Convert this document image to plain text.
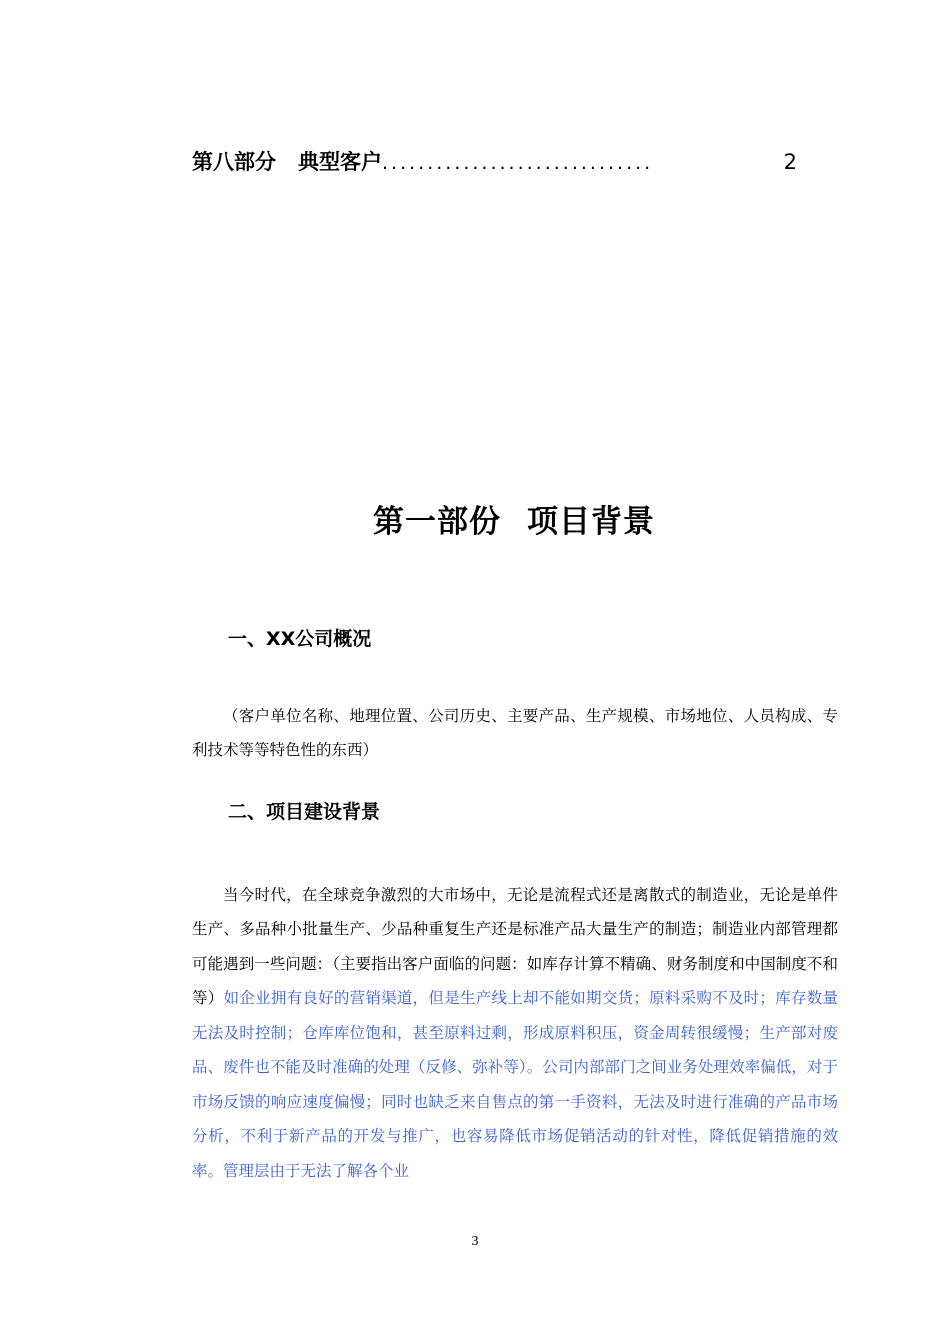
第八部分 典型客户 ..............................	2
第一部份 项目背景
一、XX公司概况

（客户单位名称、地理位置、公司历史、主要产品、生产规模、市场地位、人员构成、专利技术等等特色性的东西）

二、项目建设背景

当今时代，在全球竞争激烈的大市场中，无论是流程式还是离散式的制造业，无论是单件生产、多品种小批量生产、少品种重复生产还是标准产品大量生产的制造；制造业内部管理都可能遇到一些问题：（主要指出客户面临的问题：如库存计算不精确、财务制度和中国制度不和等）如企业拥有良好的营销渠道，但是生产线上却不能如期交货；原料采购不及时；库存数量无法及时控制；仓库库位饱和，甚至原料过剩，形成原料积压，资金周转很缓慢；生产部对废品、废件也不能及时准确的处理（反修、弥补等）。公司内部部门之间业务处理效率偏低，对于市场反馈的响应速度偏慢；同时也缺乏来自售点的第一手资料，无法及时进行准确的产品市场分析，不利于新产品的开发与推广，也容易降低市场促销活动的针对性，降低促销措施的效率。管理层由于无法了解各个业

3
